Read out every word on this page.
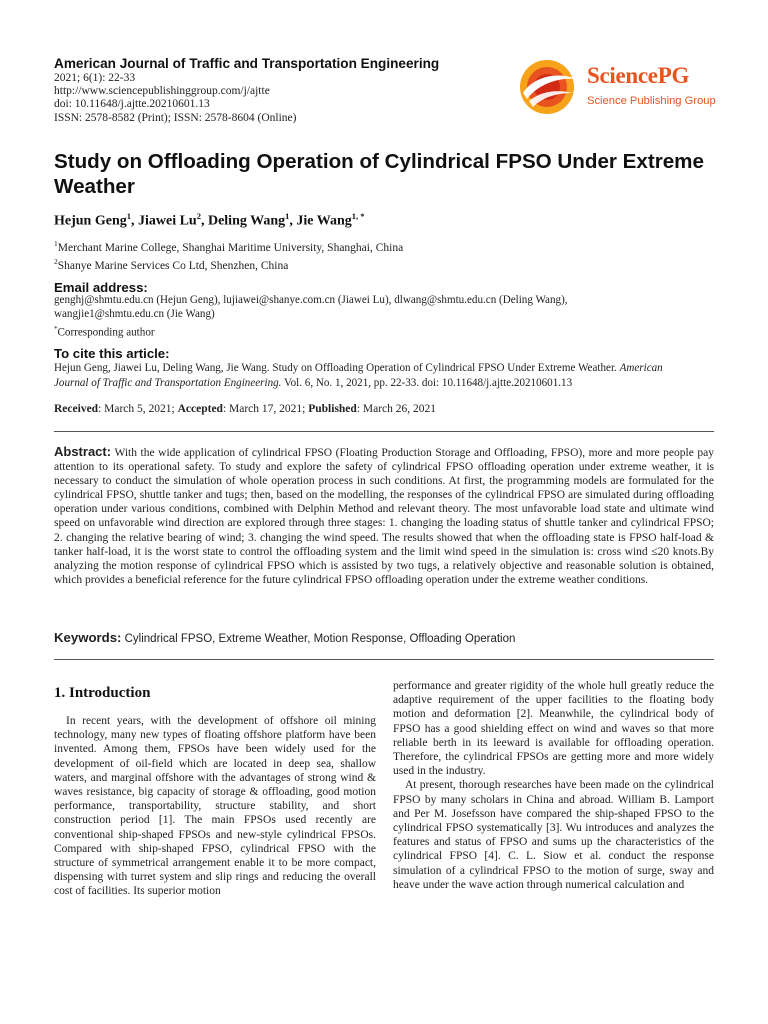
American Journal of Traffic and Transportation Engineering
2021; 6(1): 22-33
http://www.sciencepublishinggroup.com/j/ajtte
doi: 10.11648/j.ajtte.20210601.13
ISSN: 2578-8582 (Print); ISSN: 2578-8604 (Online)
SciencePG
Science Publishing Group
Study on Offloading Operation of Cylindrical FPSO Under Extreme Weather
Hejun Geng$^1$, Jiawei Lu$^2$, Deling Wang$^1$, Jie Wang$^{1, *}$
$^1$Merchant Marine College, Shanghai Maritime University, Shanghai, China
$^2$Shanye Marine Services Co Ltd, Shenzhen, China
Email address:
genghj@shmtu.edu.cn (Hejun Geng), lujiawei@shanye.com.cn (Jiawei Lu), dlwang@shmtu.edu.cn (Deling Wang),
wangjie1@shmtu.edu.cn (Jie Wang)
*Corresponding author
To cite this article:
Hejun Geng, Jiawei Lu, Deling Wang, Jie Wang. Study on Offloading Operation of Cylindrical FPSO Under Extreme Weather. American
Journal of Traffic and Transportation Engineering. Vol. 6, No. 1, 2021, pp. 22-33. doi: 10.11648/j.ajtte.20210601.13
Received: March 5, 2021; Accepted: March 17, 2021; Published: March 26, 2021
Abstract: With the wide application of cylindrical FPSO (Floating Production Storage and Offloading, FPSO), more and more people pay attention to its operational safety. To study and explore the safety of cylindrical FPSO offloading operation under extreme weather, it is necessary to conduct the simulation of whole operation process in such conditions. At first, the programming models are formulated for the cylindrical FPSO, shuttle tanker and tugs; then, based on the modelling, the responses of the cylindrical FPSO are simulated during offloading operation under various conditions, combined with Delphin Method and relevant theory. The most unfavorable load state and ultimate wind speed on unfavorable wind direction are explored through three stages: 1. changing the loading status of shuttle tanker and cylindrical FPSO; 2. changing the relative bearing of wind; 3. changing the wind speed. The results showed that when the offloading state is FPSO half-load & tanker half-load, it is the worst state to control the offloading system and the limit wind speed in the simulation is: cross wind ≤20 knots.By analyzing the motion response of cylindrical FPSO which is assisted by two tugs, a relatively objective and reasonable solution is obtained, which provides a beneficial reference for the future cylindrical FPSO offloading operation under the extreme weather conditions.
Keywords: Cylindrical FPSO, Extreme Weather, Motion Response, Offloading Operation
1. Introduction

In recent years, with the development of offshore oil mining technology, many new types of floating offshore platform have been invented. Among them, FPSOs have been widely used for the development of oil-field which are located in deep sea, shallow waters, and marginal offshore with the advantages of strong wind & waves resistance, big capacity of storage & offloading, good motion performance, transportability, structure stability, and short construction period [1]. The main FPSOs used recently are conventional ship-shaped FPSOs and new-style cylindrical FPSOs. Compared with ship-shaped FPSO, cylindrical FPSO with the structure of symmetrical arrangement enable it to be more compact, dispensing with turret system and slip rings and reducing the overall cost of facilities. Its superior motion

performance and greater rigidity of the whole hull greatly reduce the adaptive requirement of the upper facilities to the floating body motion and deformation [2]. Meanwhile, the cylindrical body of FPSO has a good shielding effect on wind and waves so that more reliable berth in its leeward is available for offloading operation. Therefore, the cylindrical FPSOs are getting more and more widely used in the industry.

At present, thorough researches have been made on the cylindrical FPSO by many scholars in China and abroad. William B. Lamport and Per M. Josefsson have compared the ship-shaped FPSO to the cylindrical FPSO systematically [3]. Wu introduces and analyzes the features and status of FPSO and sums up the characteristics of the cylindrical FPSO [4]. C. L. Siow et al. conduct the response simulation of a cylindrical FPSO to the motion of surge, sway and heave under the wave action through numerical calculation and
